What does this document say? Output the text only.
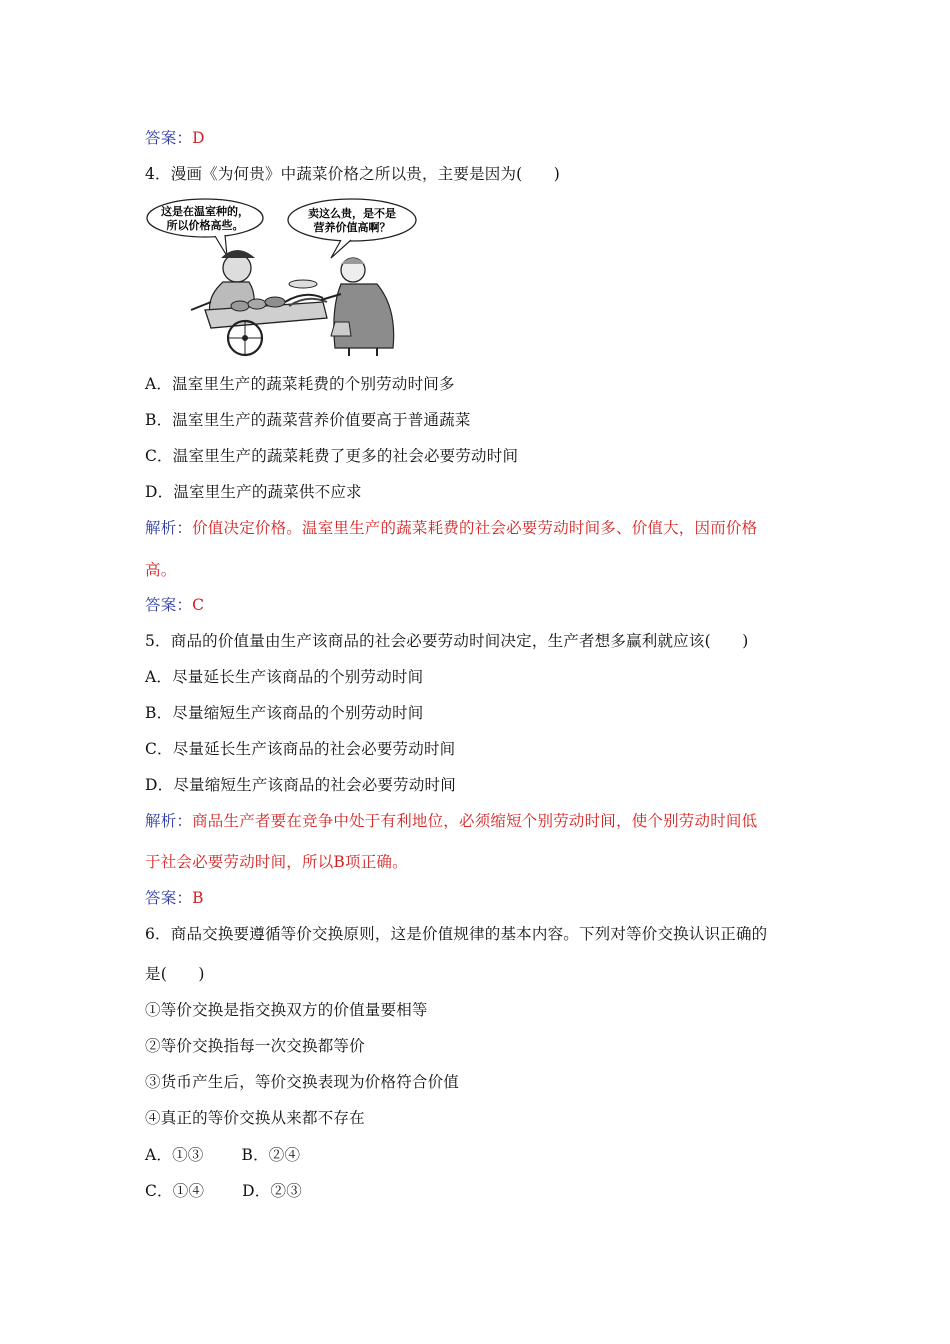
答案：D
4．漫画《为何贵》中蔬菜价格之所以贵，主要是因为(　　)
这是在温室种的，
所以价格高些。
卖这么贵，是不是
营养价值高啊？
A．温室里生产的蔬菜耗费的个别劳动时间多
B．温室里生产的蔬菜营养价值要高于普通蔬菜
C．温室里生产的蔬菜耗费了更多的社会必要劳动时间
D．温室里生产的蔬菜供不应求
解析：价值决定价格。温室里生产的蔬菜耗费的社会必要劳动时间多、价值大，因而价格
高。
答案：C
5．商品的价值量由生产该商品的社会必要劳动时间决定，生产者想多赢利就应该(　　)
A．尽量延长生产该商品的个别劳动时间
B．尽量缩短生产该商品的个别劳动时间
C．尽量延长生产该商品的社会必要劳动时间
D．尽量缩短生产该商品的社会必要劳动时间
解析：商品生产者要在竞争中处于有利地位，必须缩短个别劳动时间，使个别劳动时间低
于社会必要劳动时间，所以B项正确。
答案：B
6．商品交换要遵循等价交换原则，这是价值规律的基本内容。下列对等价交换认识正确的
是(　　)
①等价交换是指交换双方的价值量要相等
②等价交换指每一次交换都等价
③货币产生后，等价交换表现为价格符合价值
④真正的等价交换从来都不存在
A．①③ B．②④
C．①④ D．②③
